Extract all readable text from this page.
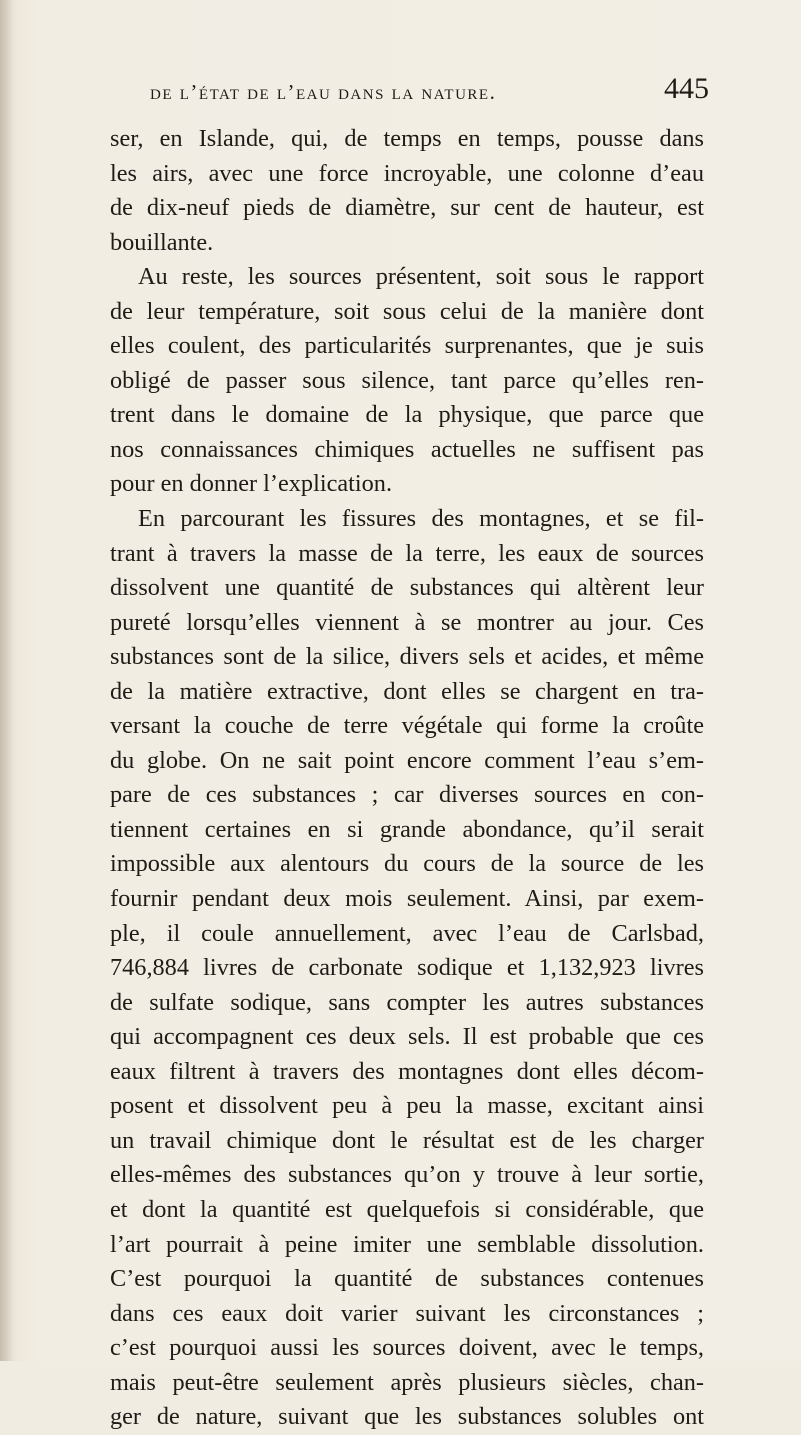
de l’état de l’eau dans la nature.	445
ser, en Islande, qui, de temps en temps, pousse dans
les airs, avec une force incroyable, une colonne d’eau
de dix-neuf pieds de diamètre, sur cent de hauteur, est
bouillante.
Au reste, les sources présentent, soit sous le rapport
de leur température, soit sous celui de la manière dont
elles coulent, des particularités surprenantes, que je suis
obligé de passer sous silence, tant parce qu’elles ren-
trent dans le domaine de la physique, que parce que
nos connaissances chimiques actuelles ne suffisent pas
pour en donner l’explication.
En parcourant les fissures des montagnes, et se fil-
trant à travers la masse de la terre, les eaux de sources
dissolvent une quantité de substances qui altèrent leur
pureté lorsqu’elles viennent à se montrer au jour. Ces
substances sont de la silice, divers sels et acides, et même
de la matière extractive, dont elles se chargent en tra-
versant la couche de terre végétale qui forme la croûte
du globe. On ne sait point encore comment l’eau s’em-
pare de ces substances ; car diverses sources en con-
tiennent certaines en si grande abondance, qu’il serait
impossible aux alentours du cours de la source de les
fournir pendant deux mois seulement. Ainsi, par exem-
ple, il coule annuellement, avec l’eau de Carlsbad,
746,884 livres de carbonate sodique et 1,132,923 livres
de sulfate sodique, sans compter les autres substances
qui accompagnent ces deux sels. Il est probable que ces
eaux filtrent à travers des montagnes dont elles décom-
posent et dissolvent peu à peu la masse, excitant ainsi
un travail chimique dont le résultat est de les charger
elles-mêmes des substances qu’on y trouve à leur sortie,
et dont la quantité est quelquefois si considérable, que
l’art pourrait à peine imiter une semblable dissolution.
C’est pourquoi la quantité de substances contenues
dans ces eaux doit varier suivant les circonstances ;
c’est pourquoi aussi les sources doivent, avec le temps,
mais peut-être seulement après plusieurs siècles, chan-
ger de nature, suivant que les substances solubles ont
